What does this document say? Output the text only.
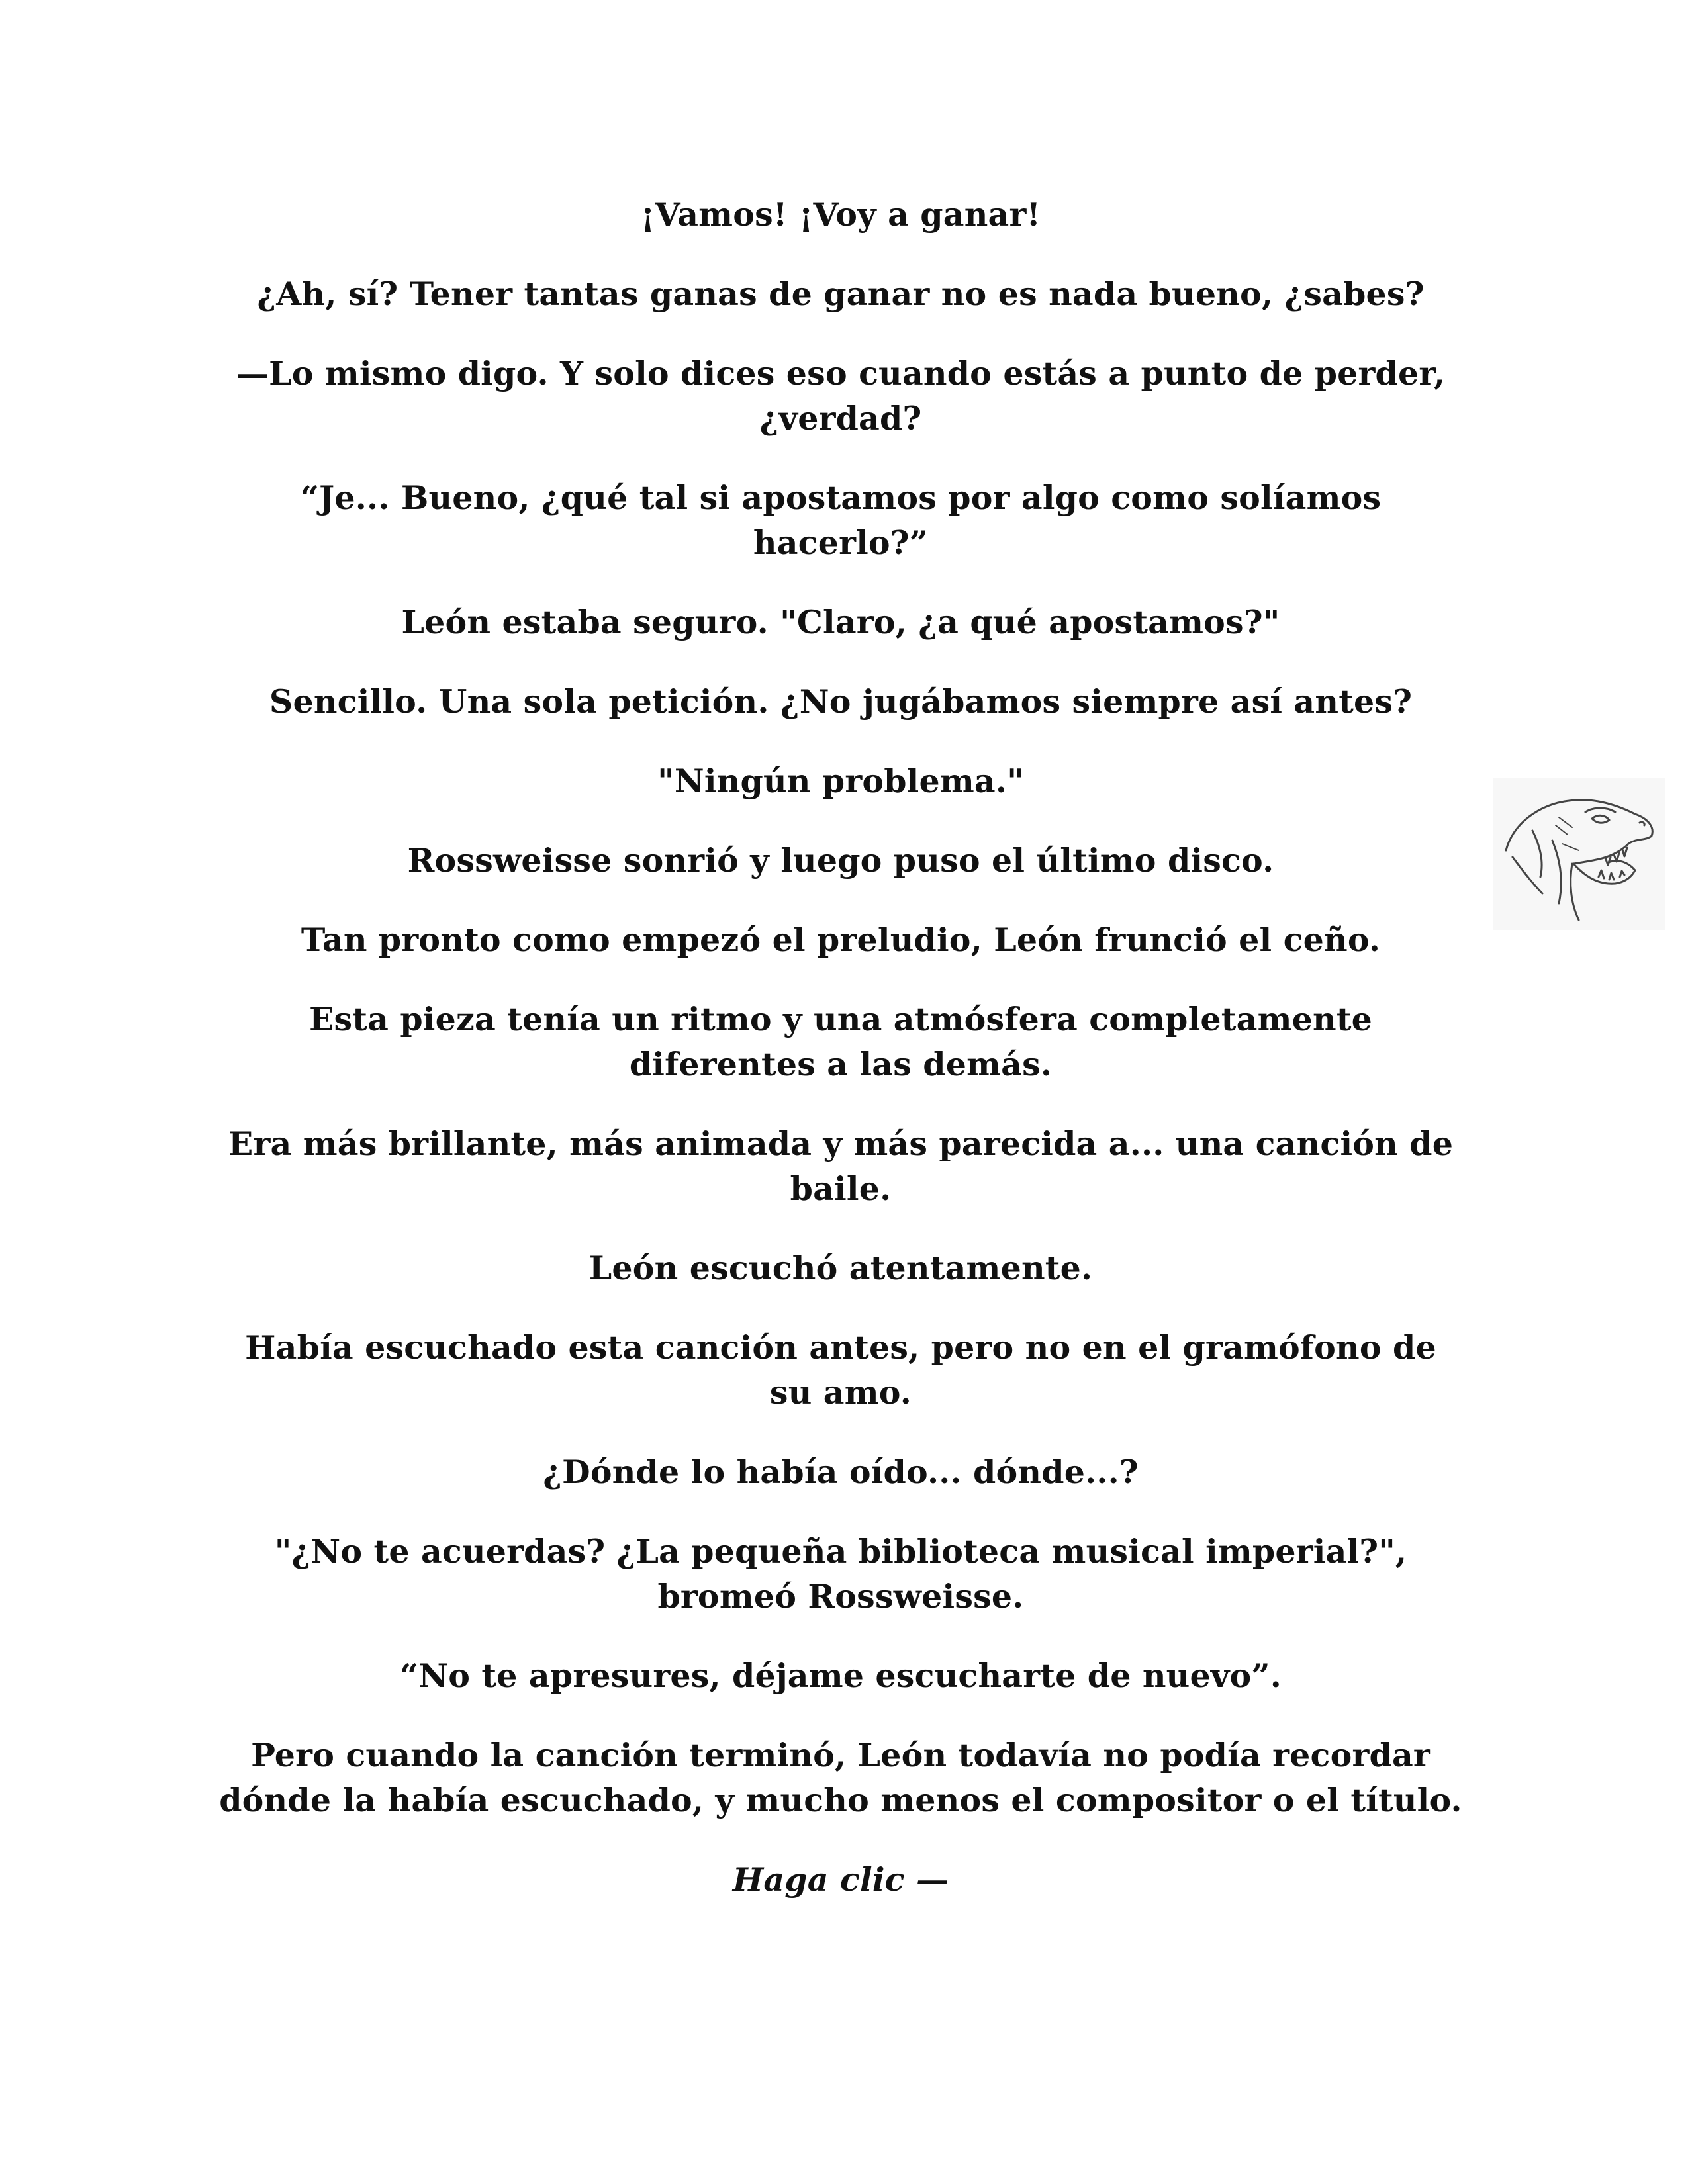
¡Vamos! ¡Voy a ganar!

¿Ah, sí? Tener tantas ganas de ganar no es nada bueno, ¿sabes?

—Lo mismo digo. Y solo dices eso cuando estás a punto de perder, ¿verdad?

“Je... Bueno, ¿qué tal si apostamos por algo como solíamos hacerlo?”

León estaba seguro. "Claro, ¿a qué apostamos?"

Sencillo. Una sola petición. ¿No jugábamos siempre así antes?

"Ningún problema."

Rossweisse sonrió y luego puso el último disco.

Tan pronto como empezó el preludio, León frunció el ceño.

Esta pieza tenía un ritmo y una atmósfera completamente diferentes a las demás.

Era más brillante, más animada y más parecida a... una canción de baile.

León escuchó atentamente.

Había escuchado esta canción antes, pero no en el gramófono de su amo.

¿Dónde lo había oído... dónde...?

"¿No te acuerdas? ¿La pequeña biblioteca musical imperial?", bromeó Rossweisse.

“No te apresures, déjame escucharte de nuevo”.

Pero cuando la canción terminó, León todavía no podía recordar dónde la había escuchado, y mucho menos el compositor o el título.

Haga clic —
